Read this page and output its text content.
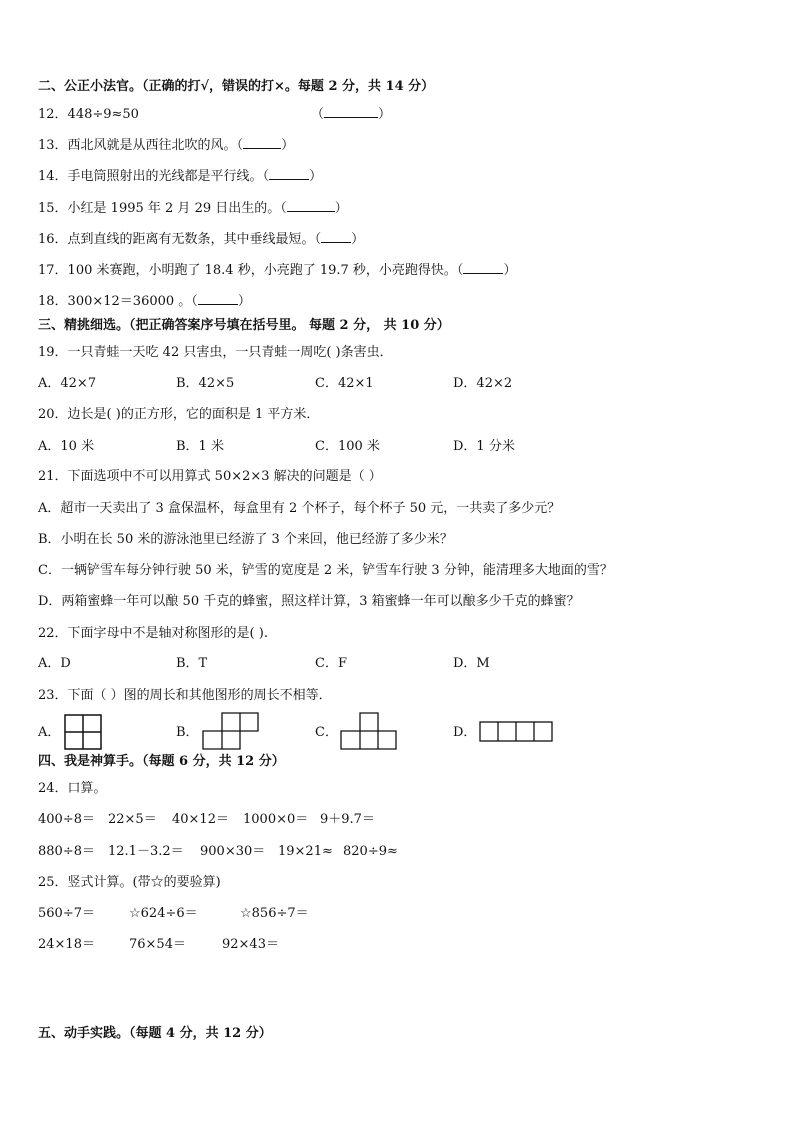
二、公正小法官。（正确的打√，错误的打×。每题 2 分，共 14 分）
12．448÷9≈50	（	）
13．西北风就是从西往北吹的风。（	）
14．手电筒照射出的光线都是平行线。（	）
15．小红是 1995 年 2 月 29 日出生的。（	）
16．点到直线的距离有无数条，其中垂线最短。（ ）
17．100 米赛跑，小明跑了 18.4 秒，小亮跑了 19.7 秒，小亮跑得快。（	）
18．300×12＝36000 。（	）
三、精挑细选。（把正确答案序号填在括号里。 每题 2 分， 共 10 分）
19．一只青蛙一天吃 42 只害虫，一只青蛙一周吃( )条害虫．
A．42×7	B．42×5	C．42×1	D．42×2
20．边长是( )的正方形，它的面积是 1 平方米．
A．10 米	B．1 米	C．100 米	D．1 分米
21．下面选项中不可以用算式 50×2×3 解决的问题是（ ）
A．超市一天卖出了 3 盒保温杯，每盒里有 2 个杯子，每个杯子 50 元，一共卖了多少元？
B．小明在长 50 米的游泳池里已经游了 3 个来回，他已经游了多少米？
C．一辆铲雪车每分钟行驶 50 米，铲雪的宽度是 2 米，铲雪车行驶 3 分钟，能清理多大地面的雪？
D．两箱蜜蜂一年可以酿 50 千克的蜂蜜，照这样计算，3 箱蜜蜂一年可以酿多少千克的蜂蜜？
22．下面字母中不是轴对称图形的是( ).
A．D	B．T	C．F	D．M
23．下面（ ）图的周长和其他图形的周长不相等．
A．	B．	C．	D．
四、我是神算手。（每题 6 分，共 12 分）
24．口算。
400÷8＝ 22×5＝ 40×12＝ 1000×0＝ 9＋9.7＝
880÷8＝ 12.1－3.2＝ 900×30＝ 19×21≈ 820÷9≈
25．竖式计算。(带☆的要验算)
560÷7＝	☆624÷6＝	☆856÷7＝
24×18＝	76×54＝	92×43＝
五、动手实践。（每题 4 分，共 12 分）
